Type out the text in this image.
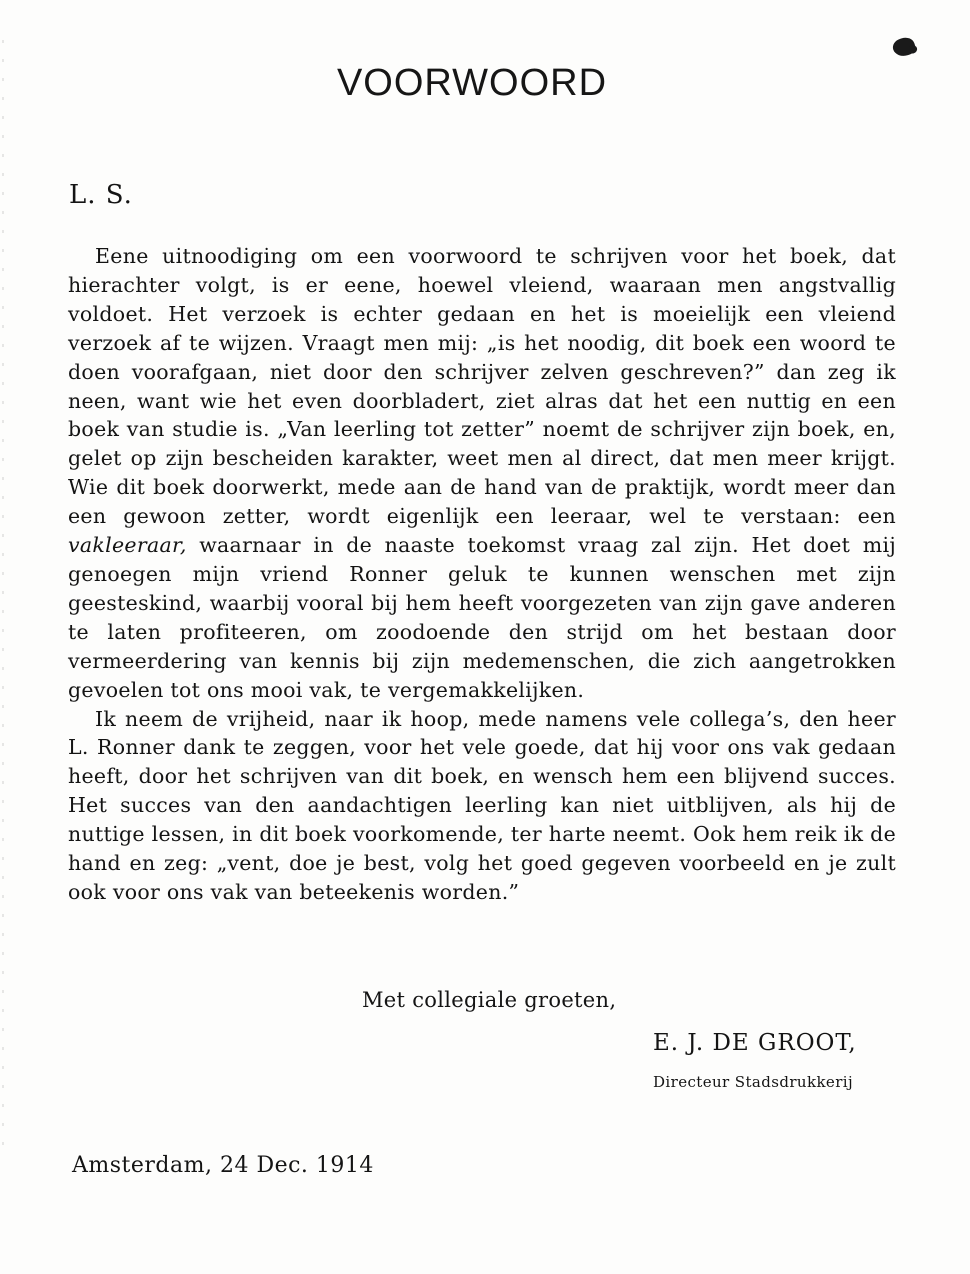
VOORWOORD
L. S.

Eene uitnoodiging om een voorwoord te schrijven voor het boek, dat hierachter volgt, is er eene, hoewel vleiend, waaraan men angstvallig voldoet. Het verzoek is echter gedaan en het is moeielijk een vleiend verzoek af te wijzen. Vraagt men mij: „is het noodig, dit boek een woord te doen voorafgaan, niet door den schrijver zelven geschreven?” dan zeg ik neen, want wie het even doorbladert, ziet alras dat het een nuttig en een boek van studie is. „Van leerling tot zetter” noemt de schrijver zijn boek, en, gelet op zijn bescheiden karakter, weet men al direct, dat men meer krijgt. Wie dit boek doorwerkt, mede aan de hand van de praktijk, wordt meer dan een gewoon zetter, wordt eigenlijk een leeraar, wel te verstaan: een vakleeraar, waarnaar in de naaste toekomst vraag zal zijn. Het doet mij genoegen mijn vriend Ronner geluk te kunnen wenschen met zijn geesteskind, waarbij vooral bij hem heeft voorgezeten van zijn gave anderen te laten profiteeren, om zoodoende den strijd om het bestaan door vermeerdering van kennis bij zijn medemenschen, die zich aangetrokken gevoelen tot ons mooi vak, te vergemakkelijken.

Ik neem de vrijheid, naar ik hoop, mede namens vele collega’s, den heer L. Ronner dank te zeggen, voor het vele goede, dat hij voor ons vak gedaan heeft, door het schrijven van dit boek, en wensch hem een blijvend succes. Het succes van den aandachtigen leerling kan niet uitblijven, als hij de nuttige lessen, in dit boek voorkomende, ter harte neemt. Ook hem reik ik de hand en zeg: „vent, doe je best, volg het goed gegeven voorbeeld en je zult ook voor ons vak van beteekenis worden.”

Met collegiale groeten,
E. J. DE GROOT,
Directeur Stadsdrukkerij
Amsterdam, 24 Dec. 1914
